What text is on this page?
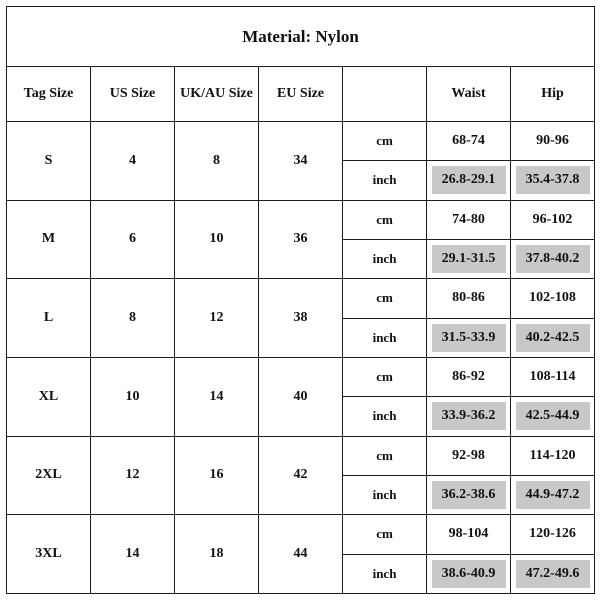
Material: Nylon						
Tag Size	US Size	UK/AU Size	EU Size		Waist	Hip
S	4	8	34	cm	68-74	90-96
				inch	26.8-29.1	35.4-37.8
M	6	10	36	cm	74-80	96-102
				inch	29.1-31.5	37.8-40.2
L	8	12	38	cm	80-86	102-108
				inch	31.5-33.9	40.2-42.5
XL	10	14	40	cm	86-92	108-114
				inch	33.9-36.2	42.5-44.9
2XL	12	16	42	cm	92-98	114-120
				inch	36.2-38.6	44.9-47.2
3XL	14	18	44	cm	98-104	120-126
				inch	38.6-40.9	47.2-49.6
